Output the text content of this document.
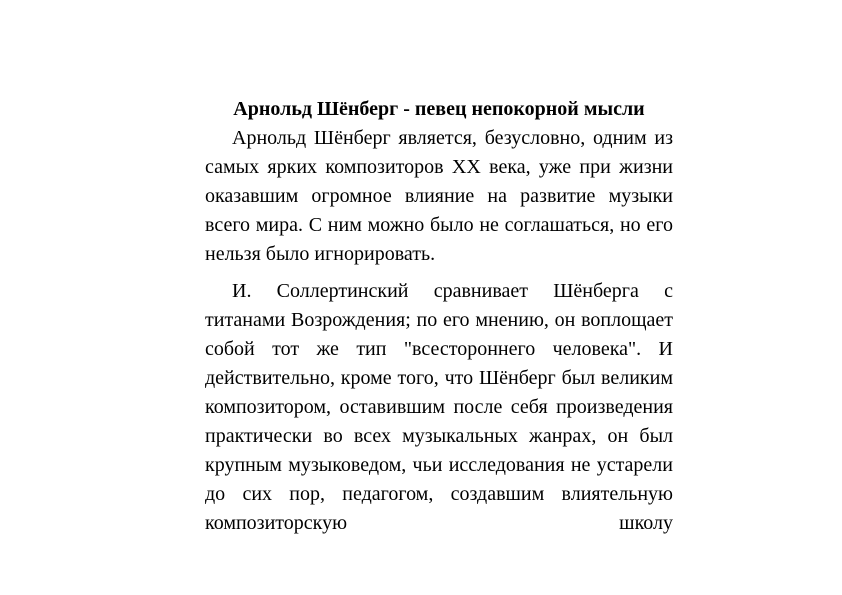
Арнольд Шёнберг - певец непокорной мысли

Арнольд Шёнберг является, безусловно, одним из самых ярких композиторов XX века, уже при жизни оказавшим огромное влияние на развитие музыки всего мира. С ним можно было не соглашаться, но его нельзя было игнорировать.

И. Соллертинский сравнивает Шёнберга с титанами Возрождения; по его мнению, он воплощает собой тот же тип "всестороннего человека". И действительно, кроме того, что Шёнберг был великим композитором, оставившим после себя произведения практически во всех музыкальных жанрах, он был крупным музыковедом, чьи исследования не устарели до сих пор, педагогом, создавшим влиятельную композиторскую школу
